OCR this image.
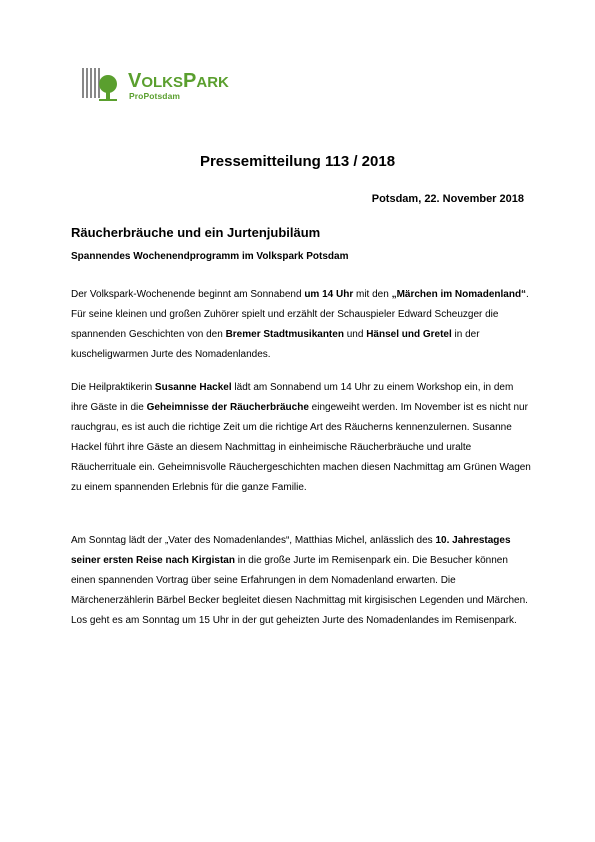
VOLKSPARK
ProPotsdam
Pressemitteilung 113 / 2018
Potsdam, 22. November 2018
Räucherbräuche und ein Jurtenjubiläum
Spannendes Wochenendprogramm im Volkspark Potsdam

Der Volkspark-Wochenende beginnt am Sonnabend um 14 Uhr mit den „Märchen im Nomadenland“. Für seine kleinen und großen Zuhörer spielt und erzählt der Schauspieler Edward Scheuzger die spannenden Geschichten von den Bremer Stadtmusikanten und Hänsel und Gretel in der kuscheligwarmen Jurte des Nomadenlandes.

Die Heilpraktikerin Susanne Hackel lädt am Sonnabend um 14 Uhr zu einem Workshop ein, in dem ihre Gäste in die Geheimnisse der Räucherbräuche eingeweiht werden. Im November ist es nicht nur rauchgrau, es ist auch die richtige Zeit um die richtige Art des Räucherns kennenzulernen. Susanne Hackel führt ihre Gäste an diesem Nachmittag in einheimische Räucherbräuche und uralte Räucherrituale ein. Geheimnisvolle Räuchergeschichten machen diesen Nachmittag am Grünen Wagen zu einem spannenden Erlebnis für die ganze Familie.

Am Sonntag lädt der „Vater des Nomadenlandes“, Matthias Michel, anlässlich des 10. Jahrestages seiner ersten Reise nach Kirgistan in die große Jurte im Remisenpark ein. Die Besucher können einen spannenden Vortrag über seine Erfahrungen in dem Nomadenland erwarten. Die Märchenerzählerin Bärbel Becker begleitet diesen Nachmittag mit kirgisischen Legenden und Märchen. Los geht es am Sonntag um 15 Uhr in der gut geheizten Jurte des Nomadenlandes im Remisenpark.
